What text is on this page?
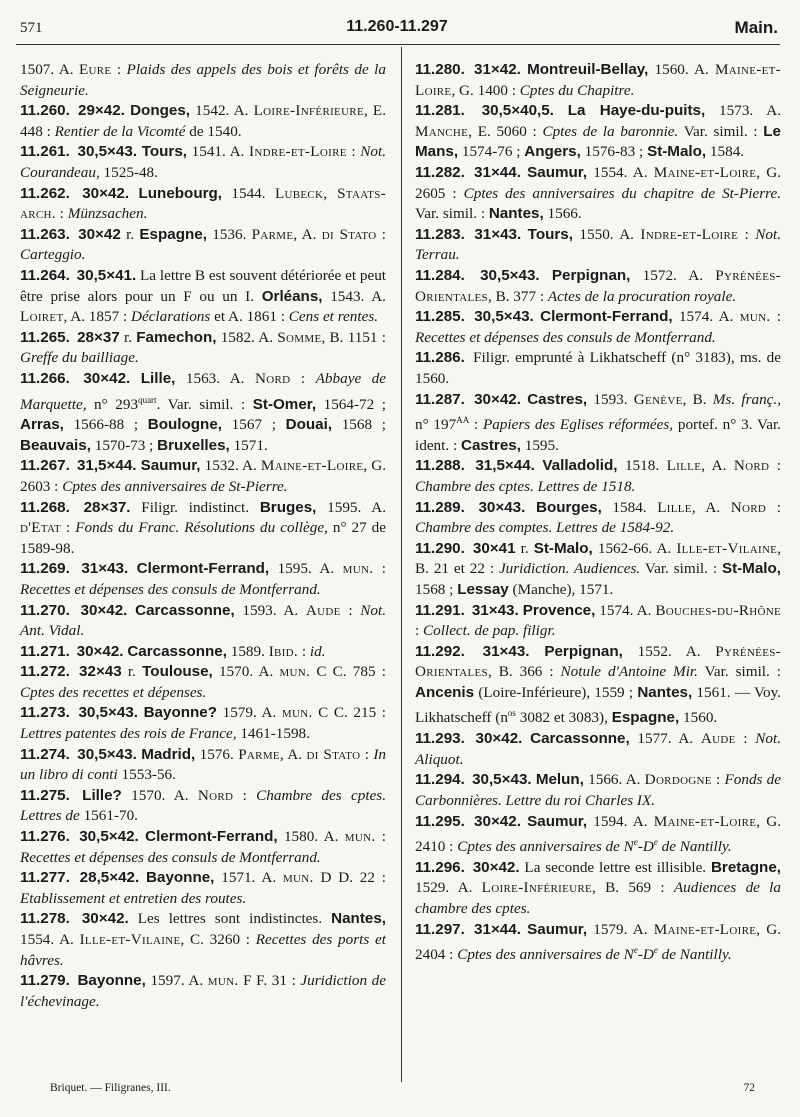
571	11.260-11.297	Main.
1507. A. Eure : Plaids des appels des bois et forêts de la Seigneurie.
11.260. 29×42. Donges, 1542. A. Loire-Inférieure, E. 448 : Rentier de la Vicomté de 1540.
11.261. 30,5×43. Tours, 1541. A. Indre-et-Loire : Not. Courandeau, 1525-48.
11.262. 30×42. Lunebourg, 1544. Lubeck, Staats-arch. : Münzsachen.
11.263. 30×42 r. Espagne, 1536. Parme, A. di Stato : Carteggio.
11.264. 30,5×41. La lettre B est souvent détériorée et peut être prise alors pour un F ou un I. Orléans, 1543. A. Loiret, A. 1857 : Déclarations et A. 1861 : Cens et rentes.
11.265. 28×37 r. Famechon, 1582. A. Somme, B. 1151 : Greffe du bailliage.
11.266. 30×42. Lille, 1563. A. Nord : Abbaye de Marquette, n° $293^{quart}$. Var. simil. : St-Omer, 1564-72 ; Arras, 1566-88 ; Boulogne, 1567 ; Douai, 1568 ; Beauvais, 1570-73 ; Bruxelles, 1571.
11.267. 31,5×44. Saumur, 1532. A. Maine-et-Loire, G. 2603 : Cptes des anniversaires de St-Pierre.
11.268. 28×37. Filigr. indistinct. Bruges, 1595. A. d'Etat : Fonds du Franc. Résolutions du collège, n° 27 de 1589-98.
11.269. 31×43. Clermont-Ferrand, 1595. A. mun. : Recettes et dépenses des consuls de Montferrand.
11.270. 30×42. Carcassonne, 1593. A. Aude : Not. Ant. Vidal.
11.271. 30×42. Carcassonne, 1589. Ibid. : id.
11.272. 32×43 r. Toulouse, 1570. A. mun. C C. 785 : Cptes des recettes et dépenses.
11.273. 30,5×43. Bayonne? 1579. A. mun. C C. 215 : Lettres patentes des rois de France, 1461-1598.
11.274. 30,5×43. Madrid, 1576. Parme, A. di Stato : In un libro di conti 1553-56.
11.275. Lille? 1570. A. Nord : Chambre des cptes. Lettres de 1561-70.
11.276. 30,5×42. Clermont-Ferrand, 1580. A. mun. : Recettes et dépenses des consuls de Montferrand.
11.277. 28,5×42. Bayonne, 1571. A. mun. D D. 22 : Etablissement et entretien des routes.
11.278. 30×42. Les lettres sont indistinctes. Nantes, 1554. A. Ille-et-Vilaine, C. 3260 : Recettes des ports et hâvres.
11.279. Bayonne, 1597. A. mun. F F. 31 : Juridiction de l'échevinage.
11.280. 31×42. Montreuil-Bellay, 1560. A. Maine-et-Loire, G. 1400 : Cptes du Chapitre.
11.281. 30,5×40,5. La Haye-du-puits, 1573. A. Manche, E. 5060 : Cptes de la baronnie. Var. simil. : Le Mans, 1574-76 ; Angers, 1576-83 ; St-Malo, 1584.
11.282. 31×44. Saumur, 1554. A. Maine-et-Loire, G. 2605 : Cptes des anniversaires du chapitre de St-Pierre. Var. simil. : Nantes, 1566.
11.283. 31×43. Tours, 1550. A. Indre-et-Loire : Not. Terrau.
11.284. 30,5×43. Perpignan, 1572. A. Pyrénées-Orientales, B. 377 : Actes de la procuration royale.
11.285. 30,5×43. Clermont-Ferrand, 1574. A. mun. : Recettes et dépenses des consuls de Montferrand.
11.286. Filigr. emprunté à Likhatscheff (n° 3183), ms. de 1560.
11.287. 30×42. Castres, 1593. Genève, B. Ms. franç., n° $197^{AA}$ : Papiers des Eglises réformées, portef. n° 3. Var. ident. : Castres, 1595.
11.288. 31,5×44. Valladolid, 1518. Lille, A. Nord : Chambre des cptes. Lettres de 1518.
11.289. 30×43. Bourges, 1584. Lille, A. Nord : Chambre des comptes. Lettres de 1584-92.
11.290. 30×41 r. St-Malo, 1562-66. A. Ille-et-Vilaine, B. 21 et 22 : Juridiction. Audiences. Var. simil. : St-Malo, 1568 ; Lessay (Manche), 1571.
11.291. 31×43. Provence, 1574. A. Bouches-du-Rhône : Collect. de pap. filigr.
11.292. 31×43. Perpignan, 1552. A. Pyrénées-Orientales, B. 366 : Notule d'Antoine Mir. Var. simil. : Ancenis (Loire-Inférieure), 1559 ; Nantes, 1561. — Voy. Likhatscheff ($n^{os}$ 3082 et 3083), Espagne, 1560.
11.293. 30×42. Carcassonne, 1577. A. Aude : Not. Aliquot.
11.294. 30,5×43. Melun, 1566. A. Dordogne : Fonds de Carbonnières. Lettre du roi Charles IX.
11.295. 30×42. Saumur, 1594. A. Maine-et-Loire, G. 2410 : Cptes des anniversaires de $N^e-De$ de Nantilly.
11.296. 30×42. La seconde lettre est illisible. Bretagne, 1529. A. Loire-Inférieure, B. 569 : Audiences de la chambre des cptes.
11.297. 31×44. Saumur, 1579. A. Maine-et-Loire, G. 2404 : Cptes des anniversaires de $N^e-De$ de Nantilly.
Briquet. — Filigranes, III.	72
